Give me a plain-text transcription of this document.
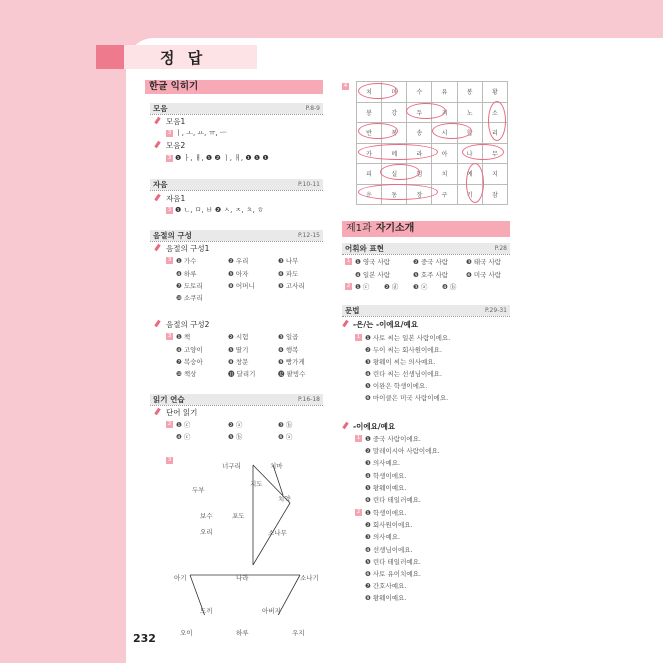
정 답
한글 익히기
모음	P.8-9
모음1
3 ㅣ, ㅗ, ㅛ, ㅠ, ㅡ
모음2
3 ❶ ㅏ, ㅐ, ❶ ❷ ㅣ, ㅐ, ❶ ❶ ❶
자음	P.10-11
자음1
3 ❶ ㄴ, ㅁ, ㅂ ❷ ㅅ, ㅈ, ㅊ, ㅎ
음절의 구성	P.12-15
음절의 구성1
3 ❶ 가수	❷ 우리	❸ 나무
❹ 하루	❺ 아자	❻ 파도
❼ 도토리	❽ 어머니	❾ 고사리
❿ 소쿠리
음절의 구성2
3 ❶ 책	❷ 시험	❸ 일곱
❹ 고양이	❺ 딸기	❻ 행복
❼ 복숭아	❽ 창문	❾ 빵가게
❿ 책상	⓫ 달리기	⓬ 팥빙수
읽기 연습	P.16-18
단어 읽기
2 ❶ ⓒ	❷ ⓐ	❸ ⓑ
❹ ⓒ	❺ ⓑ	❻ ⓐ
3
너구리	치마
두부
지도
치약
포도
오리
보수
소나무
나라
아기
도끼
오이
소나기
아버지
하루	우지
4
치	마	수	유	봉	황
봉	강	두	지	노	소
반	복	송	시	합	리
카	메	라	아	나	무
피	실	험	치	예	지
운	동	장	구	기	잠
제1과 자기소개
어휘와 표현	P.28
1 ❶ 영국 사람	❷ 중국 사람	❸ 태국 사람
❹ 일본 사람	❺ 호주 사람	❻ 미국 사람
2 ❶ ⓒ ❷ ⓓ ❸ ⓐ ❹ ⓑ
문법	P.29-31
-은/는 -이에요/예요
1 ❶ 사토 씨는 일본 사람이에요.
❷ 두이 씨는 회사원이에요.
❸ 왕웨이 씨는 의사예요.
❹ 린다 씨는 선생님이에요.
❺ 이완은 학생이에요.
❻ 마이클은 미국 사람이에요.
-이에요/예요
1 ❶ 중국 사람이에요.
❷ 말레이시아 사람이에요.
❸ 의사예요.
❹ 학생이에요.
❺ 왕웨이예요.
❻ 린다 테일러예요.
2 ❶ 학생이에요.
❷ 회사원이에요.
❸ 의사예요.
❹ 선생님이에요.
❺ 린다 테일러예요.
❻ 사토 유이치예요.
❼ 간호사예요.
❽ 왕웨이예요.
232
